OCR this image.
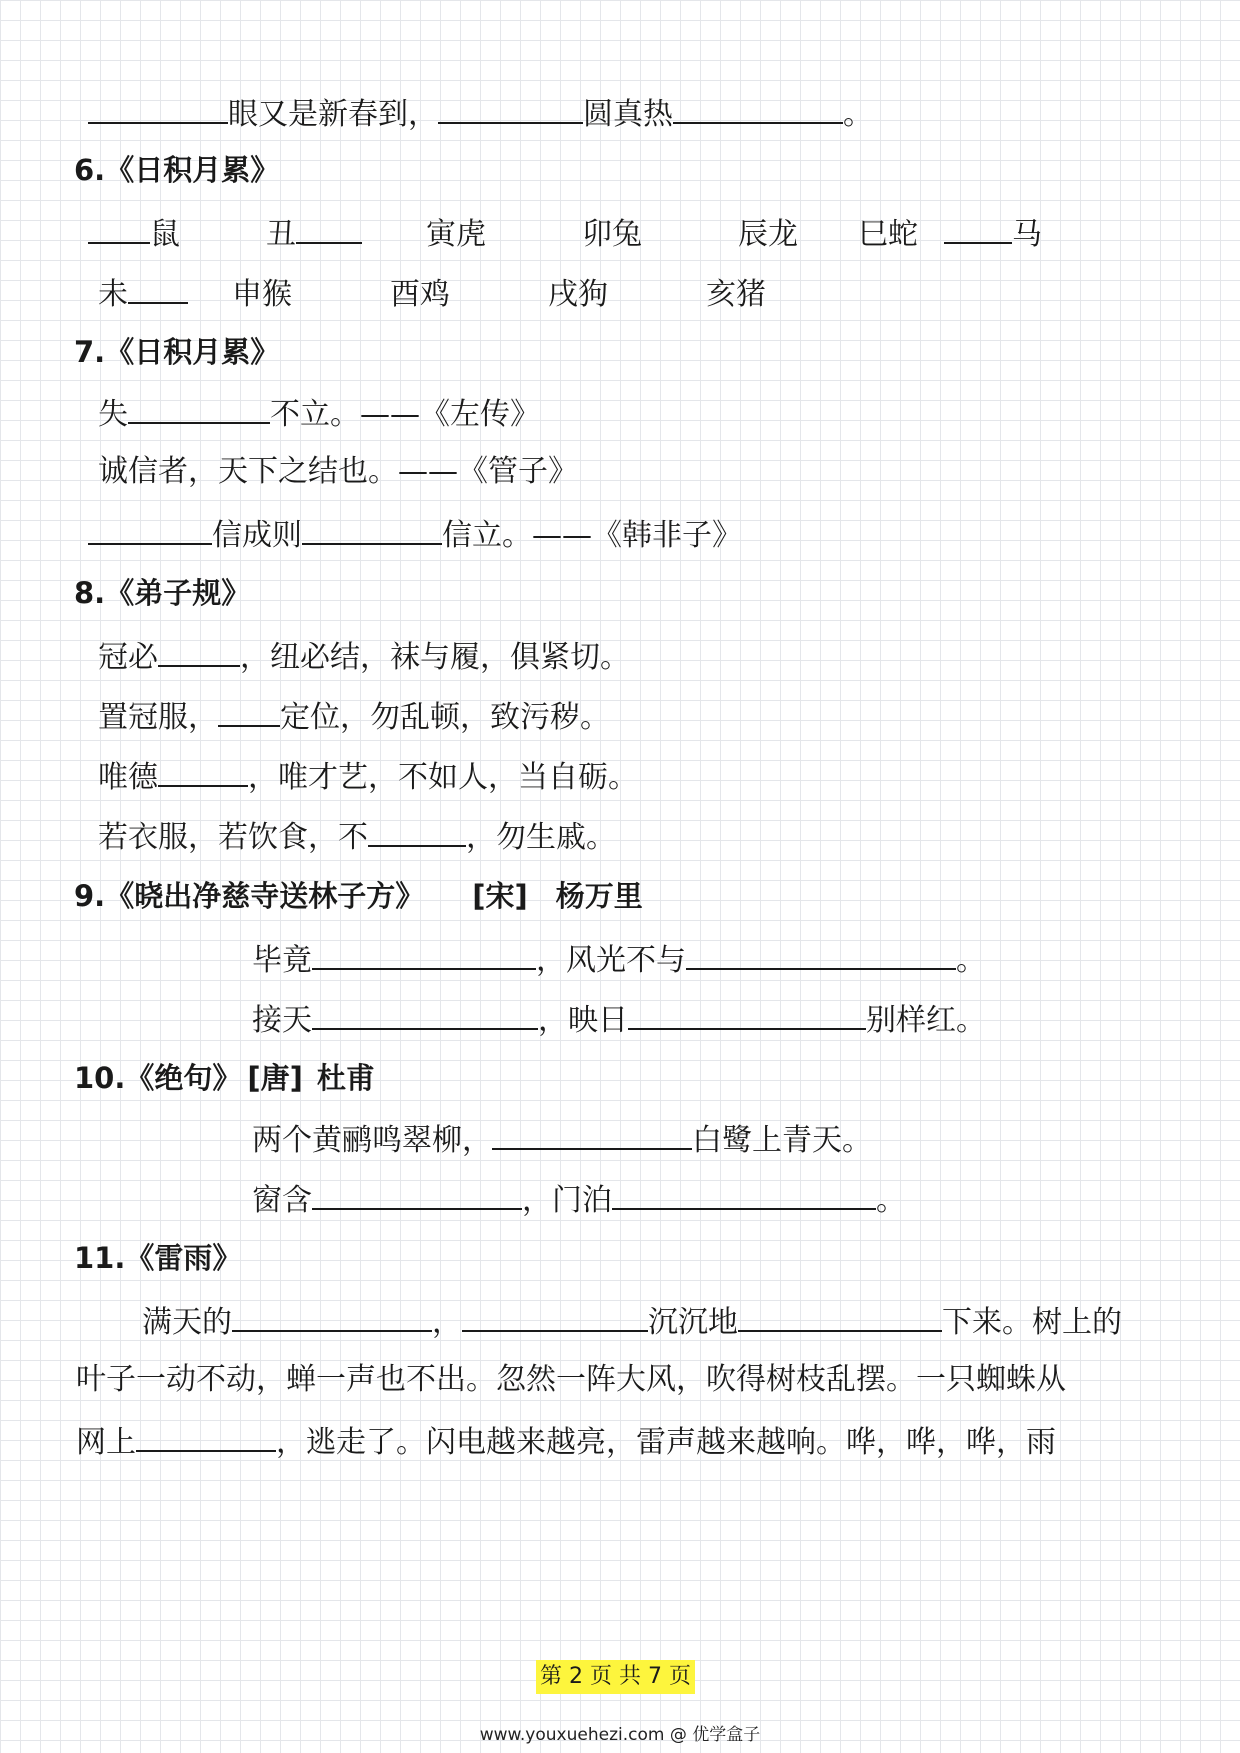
眼又是新春到，	圆真热	。
6.《日积月累》
鼠	丑	寅虎	卯兔	辰龙 巳蛇	马
未	申猴	酉鸡	戌狗	亥猪
7.《日积月累》
失	不立。——《左传》
诚信者，天下之结也。——《管子》
信成则	信立。——《韩非子》
8.《弟子规》
冠必	，纽必结，袜与履，俱紧切。
置冠服， 定位，勿乱顿，致污秽。
唯德	，唯才艺，不如人，当自砺。
若衣服，若饮食，不	，勿生戚。
9.《晓出净慈寺送林子方》 [宋] 杨万里
毕竟	，风光不与	。
接天	，映日	别样红。
10.《绝句》 [唐] 杜甫
两个黄鹂鸣翠柳，	白鹭上青天。
窗含	，门泊	。
11.《雷雨》
满天的	，	沉沉地	下来。树上的
叶子一动不动，蝉一声也不出。忽然一阵大风，吹得树枝乱摆。一只蜘蛛从
网上	，逃走了。闪电越来越亮，雷声越来越响。哗，哗，哗，雨
第 2 页 共 7 页
www.youxuehezi.com @ 优学盒子
